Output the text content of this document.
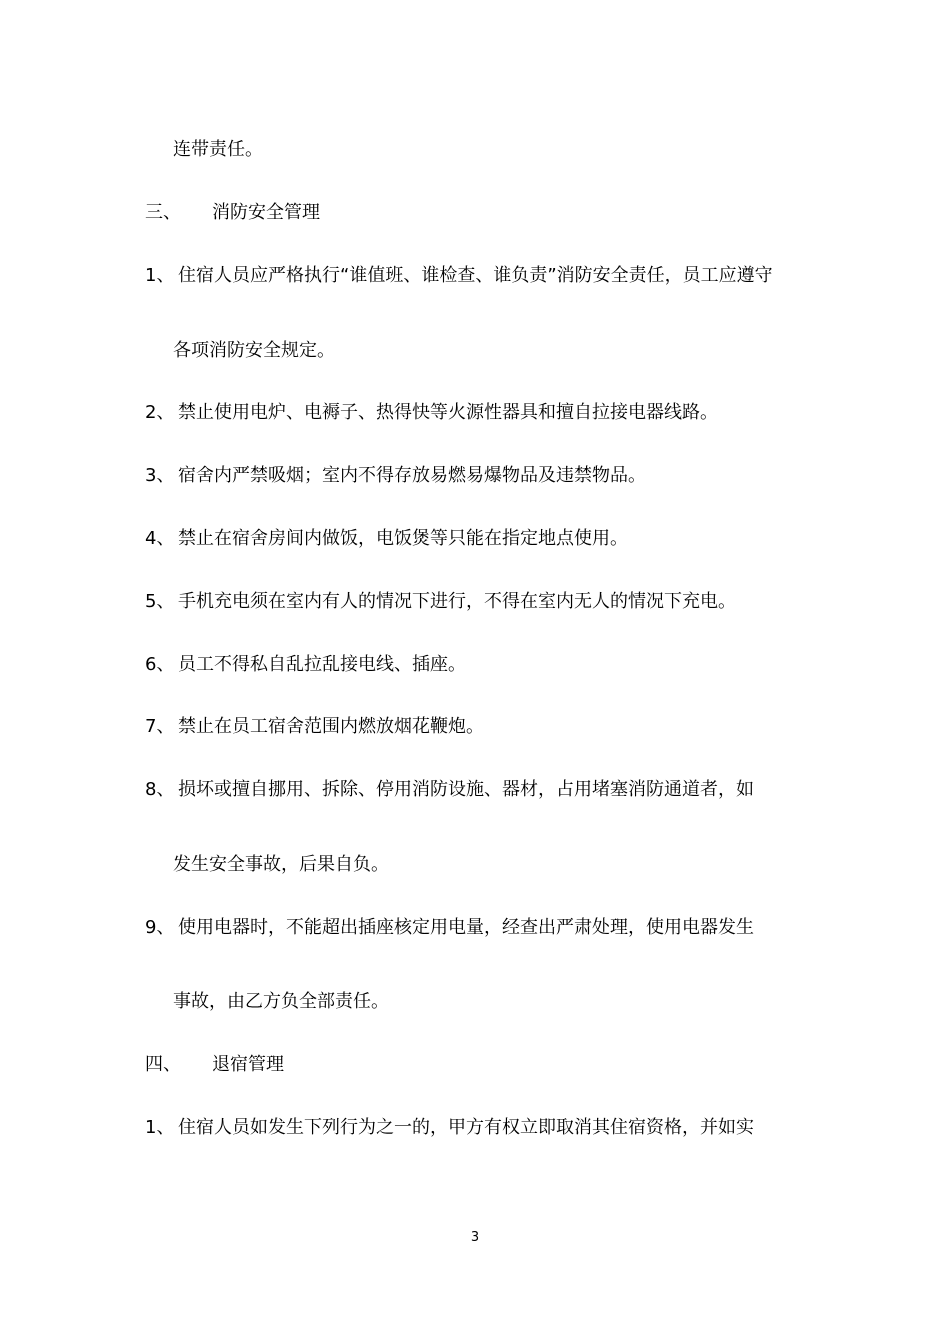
连带责任。
三、 消防安全管理
1、 住宿人员应严格执行“谁值班、谁检查、谁负责”消防安全责任，员工应遵守
各项消防安全规定。
2、 禁止使用电炉、电褥子、热得快等火源性器具和擅自拉接电器线路。
3、 宿舍内严禁吸烟；室内不得存放易燃易爆物品及违禁物品。
4、 禁止在宿舍房间内做饭，电饭煲等只能在指定地点使用。
5、 手机充电须在室内有人的情况下进行，不得在室内无人的情况下充电。
6、 员工不得私自乱拉乱接电线、插座。
7、 禁止在员工宿舍范围内燃放烟花鞭炮。
8、 损坏或擅自挪用、拆除、停用消防设施、器材，占用堵塞消防通道者，如
发生安全事故，后果自负。
9、 使用电器时，不能超出插座核定用电量，经查出严肃处理，使用电器发生
事故，由乙方负全部责任。
四、 退宿管理
1、 住宿人员如发生下列行为之一的，甲方有权立即取消其住宿资格，并如实
3
